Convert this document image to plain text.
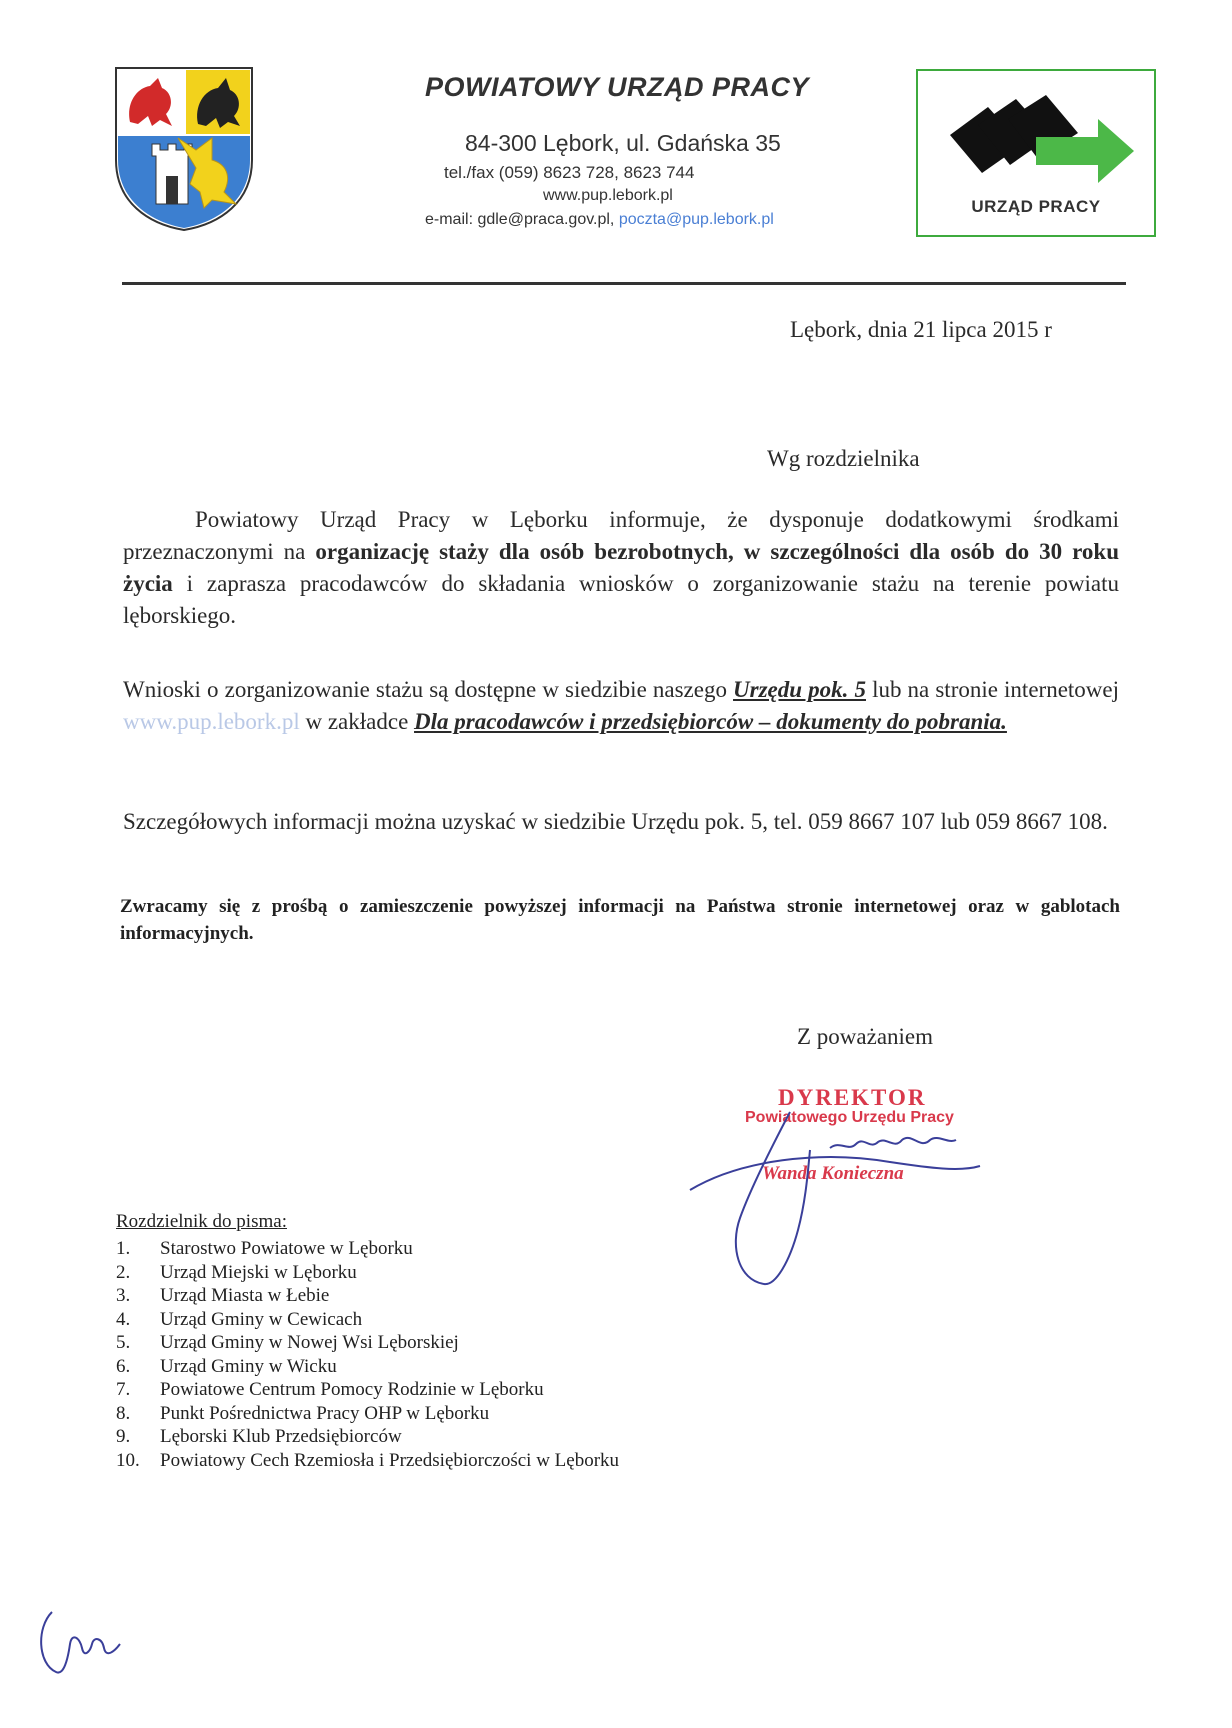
POWIATOWY URZĄD PRACY
84-300 Lębork, ul. Gdańska 35
tel./fax (059) 8623 728, 8623 744
www.pup.lebork.pl
e-mail: gdle@praca.gov.pl, poczta@pup.lebork.pl
URZĄD PRACY
Lębork, dnia 21 lipca 2015 r
Wg rozdzielnika
Powiatowy Urząd Pracy w Lęborku informuje, że dysponuje dodatkowymi środkami przeznaczonymi na organizację staży dla osób bezrobotnych, w szczególności dla osób do 30 roku życia i zaprasza pracodawców do składania wniosków o zorganizowanie stażu na terenie powiatu lęborskiego.
Wnioski o zorganizowanie stażu są dostępne w siedzibie naszego Urzędu pok. 5 lub na stronie internetowej www.pup.lebork.pl w zakładce Dla pracodawców i przedsiębiorców – dokumenty do pobrania.
Szczegółowych informacji można uzyskać w siedzibie Urzędu pok. 5, tel. 059 8667 107 lub 059 8667 108.
Zwracamy się z prośbą o zamieszczenie powyższej informacji na Państwa stronie internetowej oraz w gablotach informacyjnych.
Z poważaniem
DYREKTOR
Powiatowego Urzędu Pracy
Wanda Konieczna
Rozdzielnik do pisma:
1. Starostwo Powiatowe w Lęborku
2. Urząd Miejski w Lęborku
3. Urząd Miasta w Łebie
4. Urząd Gminy w Cewicach
5. Urząd Gminy w Nowej Wsi Lęborskiej
6. Urząd Gminy w Wicku
7. Powiatowe Centrum Pomocy Rodzinie w Lęborku
8. Punkt Pośrednictwa Pracy OHP w Lęborku
9. Lęborski Klub Przedsiębiorców
10. Powiatowy Cech Rzemiosła i Przedsiębiorczości w Lęborku
